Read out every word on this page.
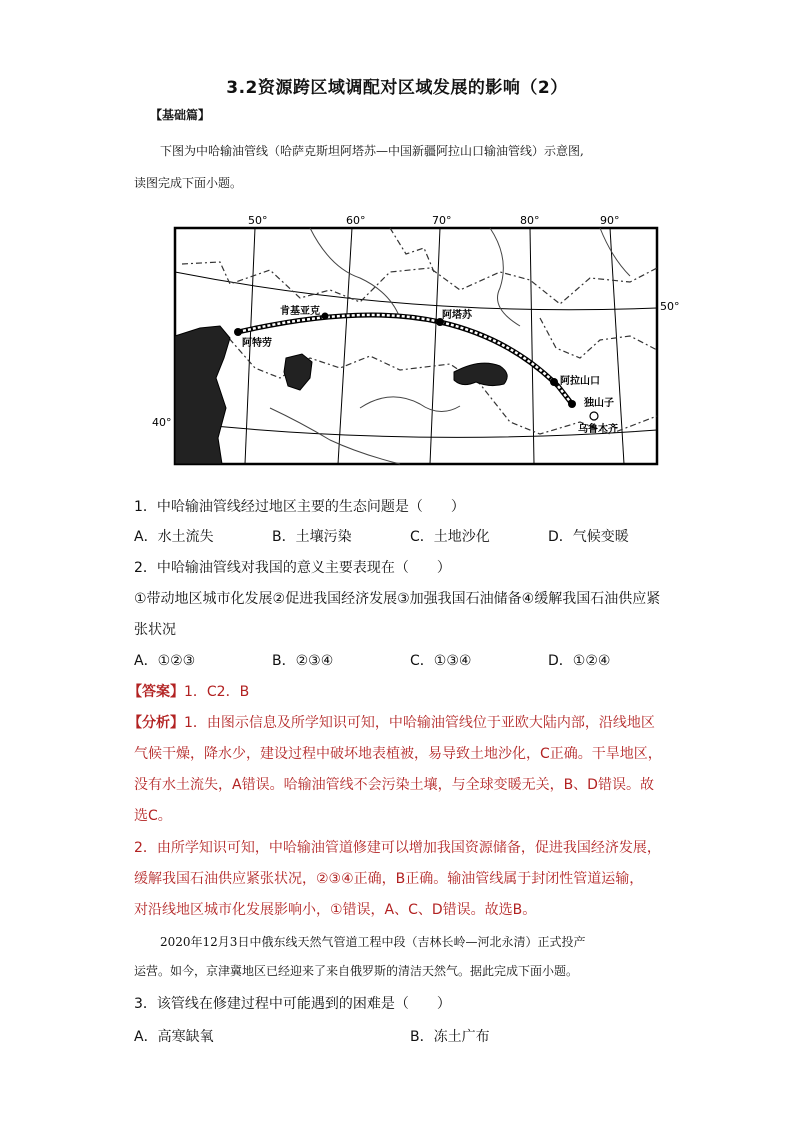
3.2资源跨区域调配对区域发展的影响（2）
【基础篇】
下图为中哈输油管线（哈萨克斯坦阿塔苏—中国新疆阿拉山口输油管线）示意图,
读图完成下面小题。
50°	60°	70°	80°	90°
肯基亚克
阿特劳
阿塔苏
阿拉山口
独山子
乌鲁木齐
50°
40°
1．中哈输油管线经过地区主要的生态问题是（　　）
A．水土流失	B．土壤污染	C．土地沙化	D．气候变暖
2．中哈输油管线对我国的意义主要表现在（　　）
①带动地区城市化发展②促进我国经济发展③加强我国石油储备④缓解我国石油供应紧
张状况
A．①②③	B．②③④	C．①③④	D．①②④
【答案】1．C2．B
【分析】1．由图示信息及所学知识可知，中哈输油管线位于亚欧大陆内部，沿线地区
气候干燥，降水少，建设过程中破坏地表植被，易导致土地沙化，C正确。干旱地区，
没有水土流失，A错误。哈输油管线不会污染土壤，与全球变暖无关，B、D错误。故
选C。
2．由所学知识可知，中哈输油管道修建可以增加我国资源储备，促进我国经济发展，
缓解我国石油供应紧张状况，②③④正确，B正确。输油管线属于封闭性管道运输，
对沿线地区城市化发展影响小，①错误，A、C、D错误。故选B。
2020年12月3日中俄东线天然气管道工程中段（吉林长岭—河北永清）正式投产
运营。如今，京津冀地区已经迎来了来自俄罗斯的清洁天然气。据此完成下面小题。
3．该管线在修建过程中可能遇到的困难是（　　）
A．高寒缺氧	B．冻土广布
